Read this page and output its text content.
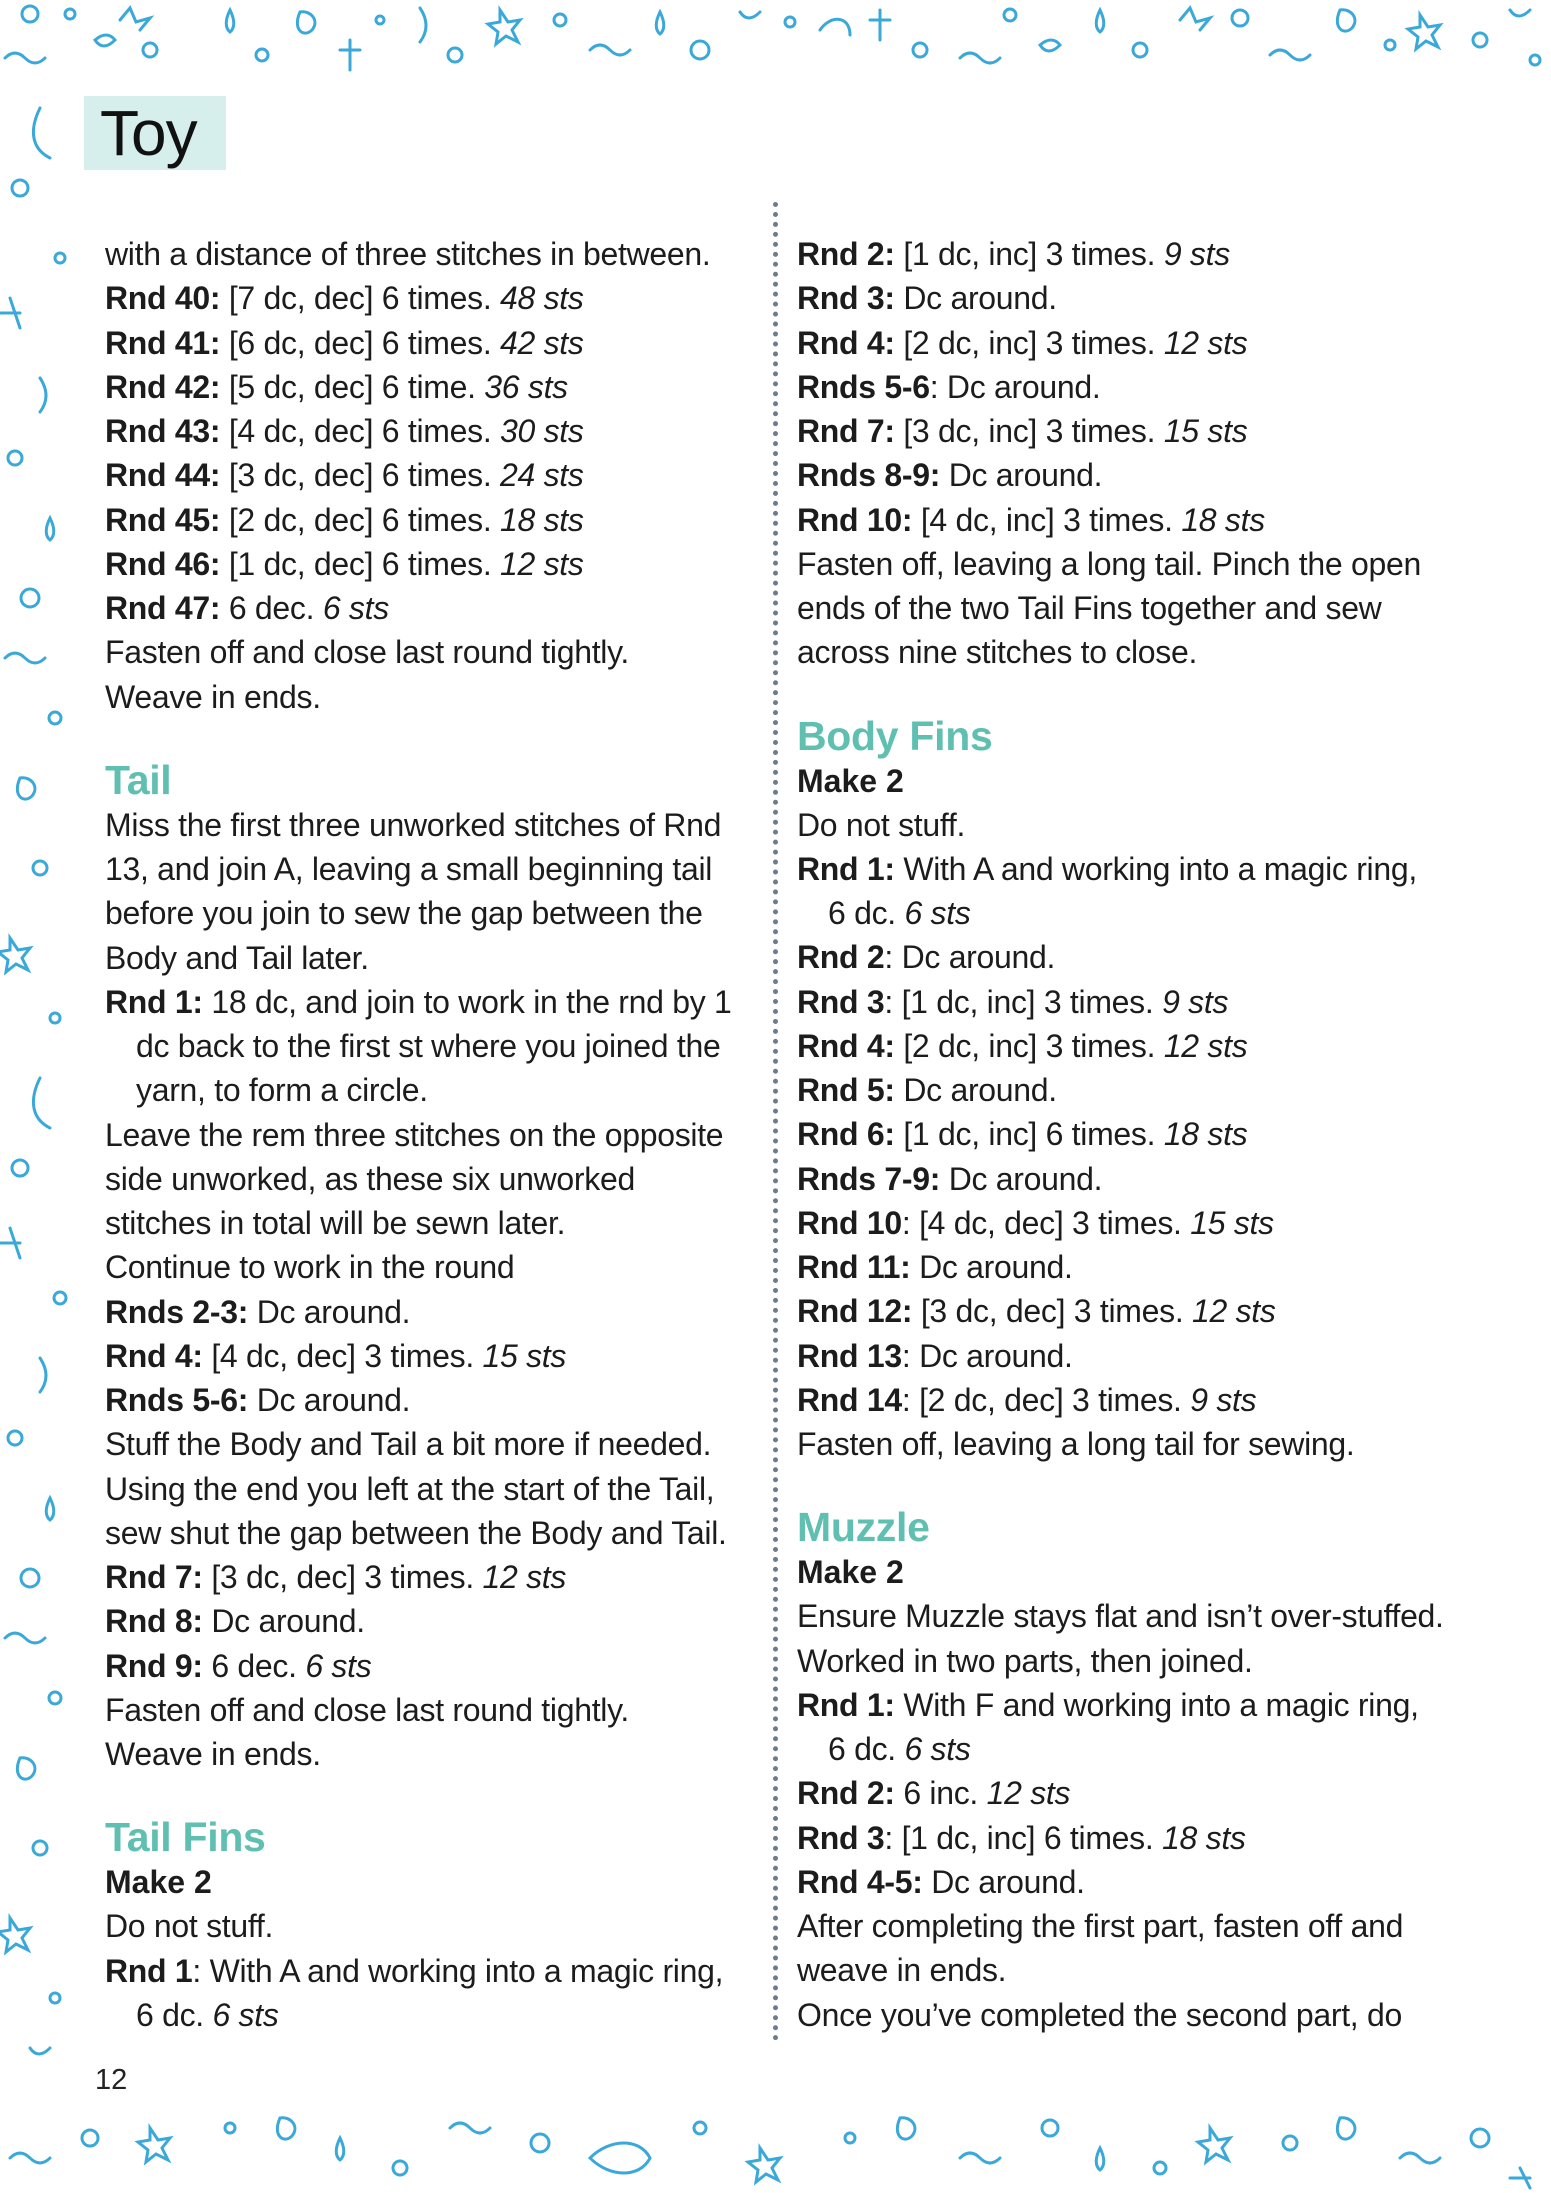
Toy
with a distance of three stitches in between.
Rnd 40: [7 dc, dec] 6 times. 48 sts
Rnd 41: [6 dc, dec] 6 times. 42 sts
Rnd 42: [5 dc, dec] 6 time. 36 sts
Rnd 43: [4 dc, dec] 6 times. 30 sts
Rnd 44: [3 dc, dec] 6 times. 24 sts
Rnd 45: [2 dc, dec] 6 times. 18 sts
Rnd 46: [1 dc, dec] 6 times. 12 sts
Rnd 47: 6 dec. 6 sts
Fasten off and close last round tightly.
Weave in ends.
Tail
Miss the first three unworked stitches of Rnd
13, and join A, leaving a small beginning tail
before you join to sew the gap between the
Body and Tail later.
Rnd 1: 18 dc, and join to work in the rnd by 1
dc back to the first st where you joined the
yarn, to form a circle.
Leave the rem three stitches on the opposite
side unworked, as these six unworked
stitches in total will be sewn later.
Continue to work in the round
Rnds 2-3: Dc around.
Rnd 4: [4 dc, dec] 3 times. 15 sts
Rnds 5-6: Dc around.
Stuff the Body and Tail a bit more if needed.
Using the end you left at the start of the Tail,
sew shut the gap between the Body and Tail.
Rnd 7: [3 dc, dec] 3 times. 12 sts
Rnd 8: Dc around.
Rnd 9: 6 dec. 6 sts
Fasten off and close last round tightly.
Weave in ends.
Tail Fins
Make 2
Do not stuff.
Rnd 1: With A and working into a magic ring,
6 dc. 6 sts
Rnd 2: [1 dc, inc] 3 times. 9 sts
Rnd 3: Dc around.
Rnd 4: [2 dc, inc] 3 times. 12 sts
Rnds 5-6: Dc around.
Rnd 7: [3 dc, inc] 3 times. 15 sts
Rnds 8-9: Dc around.
Rnd 10: [4 dc, inc] 3 times. 18 sts
Fasten off, leaving a long tail. Pinch the open
ends of the two Tail Fins together and sew
across nine stitches to close.
Body Fins
Make 2
Do not stuff.
Rnd 1: With A and working into a magic ring,
6 dc. 6 sts
Rnd 2: Dc around.
Rnd 3: [1 dc, inc] 3 times. 9 sts
Rnd 4: [2 dc, inc] 3 times. 12 sts
Rnd 5: Dc around.
Rnd 6: [1 dc, inc] 6 times. 18 sts
Rnds 7-9: Dc around.
Rnd 10: [4 dc, dec] 3 times. 15 sts
Rnd 11: Dc around.
Rnd 12: [3 dc, dec] 3 times. 12 sts
Rnd 13: Dc around.
Rnd 14: [2 dc, dec] 3 times. 9 sts
Fasten off, leaving a long tail for sewing.
Muzzle
Make 2
Ensure Muzzle stays flat and isn’t over-stuffed.
Worked in two parts, then joined.
Rnd 1: With F and working into a magic ring,
6 dc. 6 sts
Rnd 2: 6 inc. 12 sts
Rnd 3: [1 dc, inc] 6 times. 18 sts
Rnd 4-5: Dc around.
After completing the first part, fasten off and
weave in ends.
Once you’ve completed the second part, do
12
